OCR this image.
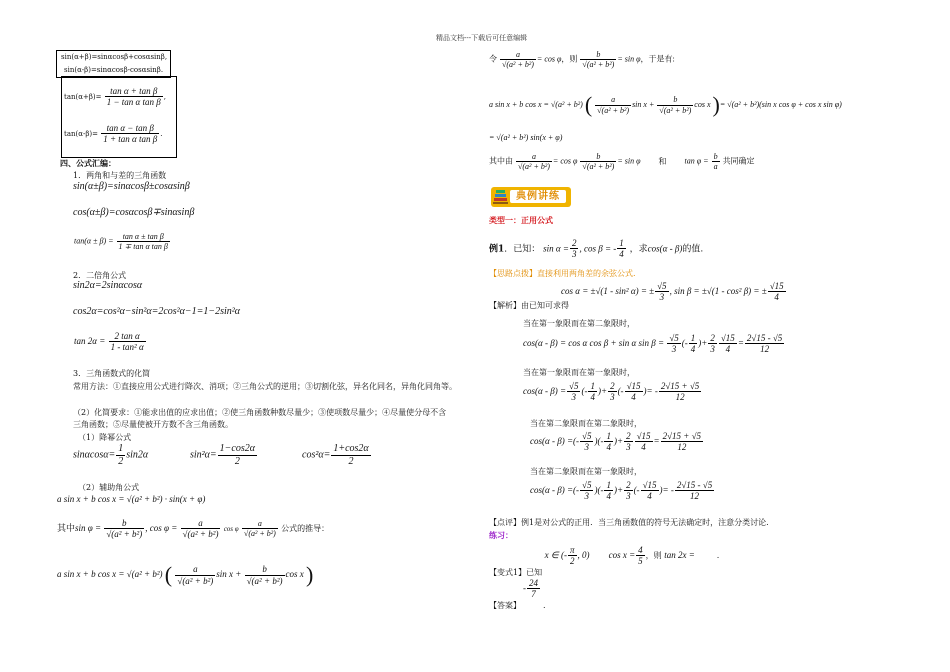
精品文档---下载后可任意编辑
sin(α+β)=sinαcosβ+cosαsinβ,
sin(α-β)=sinαcosβ-cosαsinβ.
$\tan(\alpha+\beta)= \frac{\text{tan α + tan β}}{\text{1 − tan α tan β}}$ ,
$\tan(\alpha-\beta)= \frac{\text{tan α − tan β}}{\text{1 + tan α tan β}}$ .
四、公式汇编：
1．两角和与差的三角函数
sin(α±β)=sinαcosβ±cosαsinβ
cos(α±β)=cosαcosβ∓sinαsinβ
$\tan(\alpha \pm \beta) = \frac{\text{tan α ± tan β}}{\text{1 ∓ tan α tan β}}$
2．二倍角公式
sin2α=2sinαcosα
cos2α=cos²α−sin²α=2cos²α−1=1−2sin²α
$\tan 2\alpha = \frac{\text{2 tan α}}{\text{1 - tan² α}}$
3．三角函数式的化简
常用方法：①直接应用公式进行降次、消项；②三角公式的逆用；③切割化弦，异名化同名，异角化同角等。
（2）化简要求：①能求出值的应求出值；②使三角函数种数尽量少；③使项数尽量少；④尽量使分母不含
三角函数；⑤尽量使被开方数不含三角函数。
（1）降幂公式
$\sin\alpha\cos\alpha= \frac{1}{2} \sin 2\alpha$	$\sin^2\alpha= \frac{1-\cos 2\alpha}{2}$	$\cos^2\alpha= \frac{1+\cos 2\alpha}{2}$
（2）辅助角公式
a sin x + b cos x = √(a² + b²) · sin(x + φ)
其中$\sin \varphi = \frac{b}{\text{√(a² + b²)}}$ , $\cos \varphi = \frac{a}{\text{√(a² + b²)}}$ cos φ $\frac{a}{\text{√(a² + b²)}}$ 公式的推导：
a sin x + b cos x = √(a² + b²) ( $\frac{a}{\text{√(a² + b²)}}$ $\sin x + \frac{b}{\text{√(a² + b²)}}$ cos x )
令 $\frac{a}{\text{√(a² + b²)}} = \cos \varphi$，则 $\frac{b}{\text{√(a² + b²)}} = \sin \varphi$，于是有:
a sin x + b cos x = √(a² + b²) ( $\frac{a}{\text{√(a² + b²)}}$ $\sin x + \frac{b}{\text{√(a² + b²)}}$ cos x )= √(a² + b²)(sin x cos φ + cos x sin φ)
= √(a² + b²) sin(x + φ)
其中由 $\frac{a}{\text{√(a² + b²)}} = \cos \varphi \frac{b}{\text{√(a² + b²)}} = \sin \varphi$ 和 $\tan \varphi = \frac{b}{a}$ 共同确定
典例讲练
类型一：正用公式
例1．已知： $\sin \alpha = \frac{2}{3}$ , cos β = - $\frac{1}{4}$ ，求cos(α - β)的值.
【思路点拨】直接利用两角差的余弦公式.
cos α = ±√(1 - sin² α) = ± $\frac{√5}{3}$ , sin β = ±√(1 - cos² β) = ± $\frac{√15}{4}$
【解析】由已知可求得
当在第一象限而在第二象限时，
cos(α - β) = cos α cos β + sin α $\sin \beta = \frac{√5}{3}$ (- $\frac{1}{4}$ )+ $\frac{2}{3} \frac{√15}{4} = \frac{2√15 - √5}{12}$
当在第一象限而在第一象限时，
$\cos(\alpha - \beta) = \frac{√5}{3}$ (- $\frac{1}{4}$ )+ $\frac{2}{3}$ (- $\frac{√15}{4}$ )= - $\frac{2√15 + √5}{12}$
当在第二象限而在第二象限时，
cos(α - β) =(- $\frac{√5}{3}$ )(- $\frac{1}{4}$ )+ $\frac{2}{3} \frac{√15}{4} = \frac{2√15 + √5}{12}$
当在第二象限而在第一象限时，
cos(α - β) =(- $\frac{√5}{3}$ )(- $\frac{1}{4}$ )+ $\frac{2}{3}$ (- $\frac{√15}{4}$ )= - $\frac{2√15 - √5}{12}$
【点评】例1是对公式的正用．当三角函数值的符号无法确定时，注意分类讨论.
练习：
【变式1】已知 x ∈ (- $\frac{\pi}{2}$ , 0) $\cos x = \frac{4}{5}$ ，则 tan 2x =	.
- $\frac{24}{7}$
【答案】	.
